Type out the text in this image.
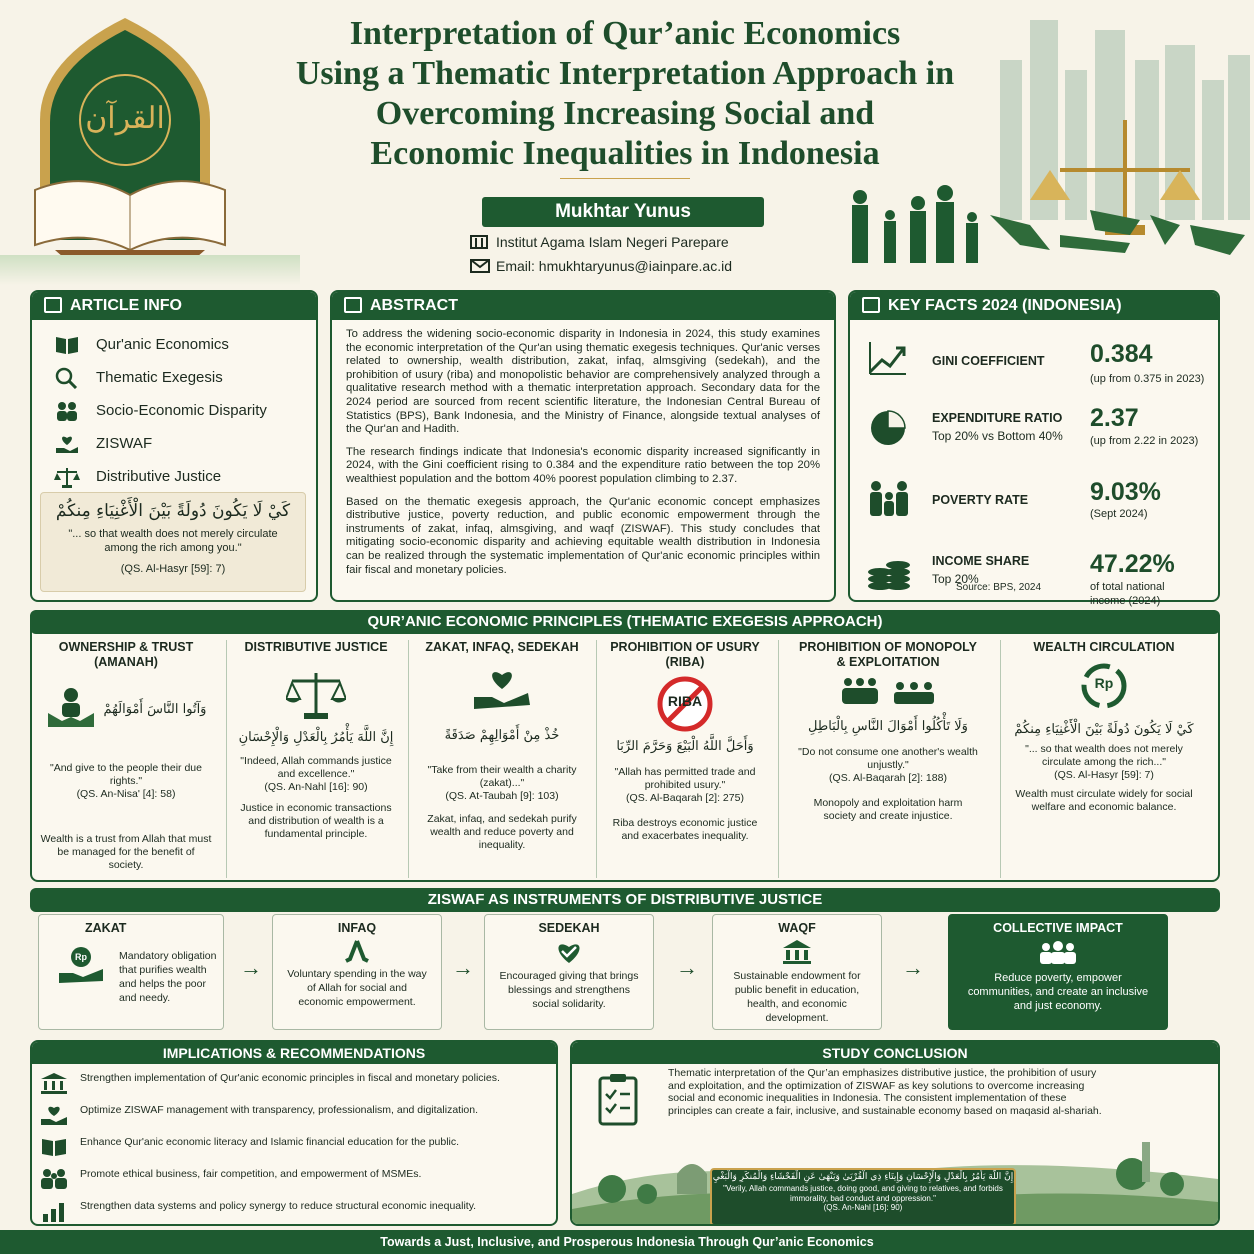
القرآن
Interpretation of Qur’anic Economics
Using a Thematic Interpretation Approach in
Overcoming Increasing Social and
Economic Inequalities in Indonesia
Mukhtar Yunus
Institut Agama Islam Negeri Parepare
Email: hmukhtaryunus@iainpare.ac.id
ARTICLE INFO
Qur'anic Economics
Thematic Exegesis
Socio-Economic Disparity
ZISWAF
Distributive Justice
كَيْ لَا يَكُونَ دُولَةً بَيْنَ الْأَغْنِيَاءِ مِنكُمْ
"... so that wealth does not merely circulate among the rich among you."
(QS. Al-Hasyr [59]: 7)
ABSTRACT

To address the widening socio-economic disparity in Indonesia in 2024, this study examines the economic interpretation of the Qur'an using thematic exegesis techniques. Qur'anic verses related to ownership, wealth distribution, zakat, infaq, almsgiving (sedekah), and the prohibition of usury (riba) and monopolistic behavior are comprehensively analyzed through a qualitative research method with a thematic interpretation approach. Secondary data for the 2024 period are sourced from recent scientific literature, the Indonesian Central Bureau of Statistics (BPS), Bank Indonesia, and the Ministry of Finance, alongside textual analyses of the Qur'an and Hadith.

The research findings indicate that Indonesia's economic disparity increased significantly in 2024, with the Gini coefficient rising to 0.384 and the expenditure ratio between the top 20% wealthiest population and the bottom 40% poorest population climbing to 2.37.

Based on the thematic exegesis approach, the Qur'anic economic concept emphasizes distributive justice, poverty reduction, and public economic empowerment through the instruments of zakat, infaq, almsgiving, and waqf (ZISWAF). This study concludes that mitigating socio-economic disparity and achieving equitable wealth distribution in Indonesia can be realized through the systematic implementation of Qur'anic economic principles within fair fiscal and monetary policies.

KEY FACTS 2024 (INDONESIA)
GINI COEFFICIENT 0.384
(up from 0.375 in 2023)
EXPENDITURE RATIO
Top 20% vs Bottom 40%
2.37
(up from 2.22 in 2023)
POVERTY RATE 9.03%
(Sept 2024)
INCOME SHARE
Top 20%
47.22%
of total national income (2024)
Source: BPS, 2024
QUR’ANIC ECONOMIC PRINCIPLES (THEMATIC EXEGESIS APPROACH)
OWNERSHIP & TRUST (AMANAH)
وَآتُوا النَّاسَ أَمْوَالَهُمْ
"And give to the people their due rights."
(QS. An-Nisa' [4]: 58)
Wealth is a trust from Allah that must be managed for the benefit of society.
DISTRIBUTIVE JUSTICE
إِنَّ اللَّهَ يَأْمُرُ بِالْعَدْلِ وَالْإِحْسَانِ
"Indeed, Allah commands justice and excellence."
(QS. An-Nahl [16]: 90)
Justice in economic transactions and distribution of wealth is a fundamental principle.
ZAKAT, INFAQ, SEDEKAH
خُذْ مِنْ أَمْوَالِهِمْ صَدَقَةً
"Take from their wealth a charity (zakat)..."
(QS. At-Taubah [9]: 103)
Zakat, infaq, and sedekah purify wealth and reduce poverty and inequality.
PROHIBITION OF USURY (RIBA)
RIBA
وَأَحَلَّ اللَّهُ الْبَيْعَ وَحَرَّمَ الرِّبَا
"Allah has permitted trade and prohibited usury."
(QS. Al-Baqarah [2]: 275)
Riba destroys economic justice and exacerbates inequality.
PROHIBITION OF MONOPOLY & EXPLOITATION
وَلَا تَأْكُلُوا أَمْوَالَ النَّاسِ بِالْبَاطِلِ
"Do not consume one another's wealth unjustly."
(QS. Al-Baqarah [2]: 188)
Monopoly and exploitation harm society and create injustice.
WEALTH CIRCULATION
Rp
كَيْ لَا يَكُونَ دُولَةً بَيْنَ الْأَغْنِيَاءِ مِنكُمْ
"... so that wealth does not merely circulate among the rich..."
(QS. Al-Hasyr [59]: 7)
Wealth must circulate widely for social welfare and economic balance.
ZISWAF AS INSTRUMENTS OF DISTRIBUTIVE JUSTICE
ZAKAT
Rp	Mandatory obligation that purifies wealth and helps the poor and needy.
→
INFAQ
Voluntary spending in the way of Allah for social and economic empowerment.
→
SEDEKAH
Encouraged giving that brings blessings and strengthens social solidarity.
→
WAQF
Sustainable endowment for public benefit in education, health, and economic development.
→
COLLECTIVE IMPACT
Reduce poverty, empower communities, and create an inclusive and just economy.
IMPLICATIONS & RECOMMENDATIONS
Strengthen implementation of Qur'anic economic principles in fiscal and monetary policies.
Optimize ZISWAF management with transparency, professionalism, and digitalization.
Enhance Qur'anic economic literacy and Islamic financial education for the public.
Promote ethical business, fair competition, and empowerment of MSMEs.
Strengthen data systems and policy synergy to reduce structural economic inequality.
STUDY CONCLUSION
Thematic interpretation of the Qur’an emphasizes distributive justice, the prohibition of usury and exploitation, and the optimization of ZISWAF as key solutions to overcome increasing social and economic inequalities in Indonesia. The consistent implementation of these principles can create a fair, inclusive, and sustainable economy based on maqasid al-shariah.
إِنَّ اللَّهَ يَأْمُرُ بِالْعَدْلِ وَالْإِحْسَانِ وَإِيتَاءِ ذِي الْقُرْبَىٰ وَيَنْهَىٰ عَنِ الْفَحْشَاءِ وَالْمُنكَرِ وَالْبَغْيِ
"Verily, Allah commands justice, doing good, and giving to relatives, and forbids immorality, bad conduct and oppression."
(QS. An-Nahl [16]: 90)
Towards a Just, Inclusive, and Prosperous Indonesia Through Qur’anic Economics
